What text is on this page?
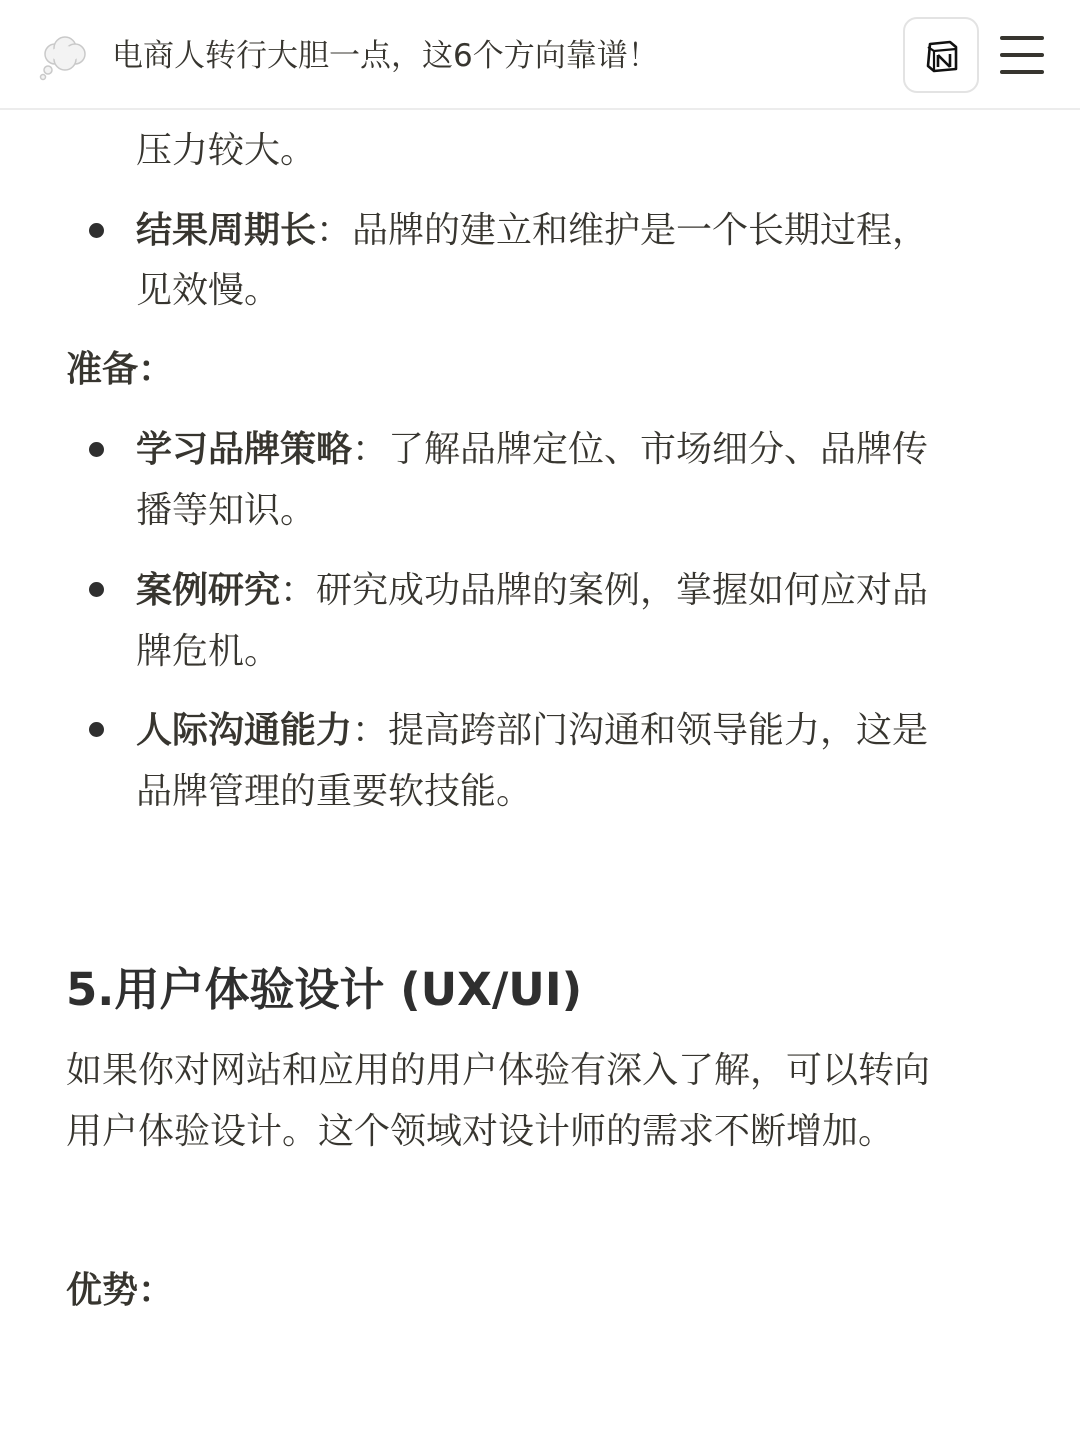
电商人转行大胆一点，这6个方向靠谱！
压力较大。
结果周期长：品牌的建立和维护是一个长期过程，
见效慢。
准备：
学习品牌策略：了解品牌定位、市场细分、品牌传
播等知识。
案例研究：研究成功品牌的案例，掌握如何应对品
牌危机。
人际沟通能力：提高跨部门沟通和领导能力，这是
品牌管理的重要软技能。
5.用户体验设计 (UX/UI)
如果你对网站和应用的用户体验有深入了解，可以转向
用户体验设计。这个领域对设计师的需求不断增加。
优势：
